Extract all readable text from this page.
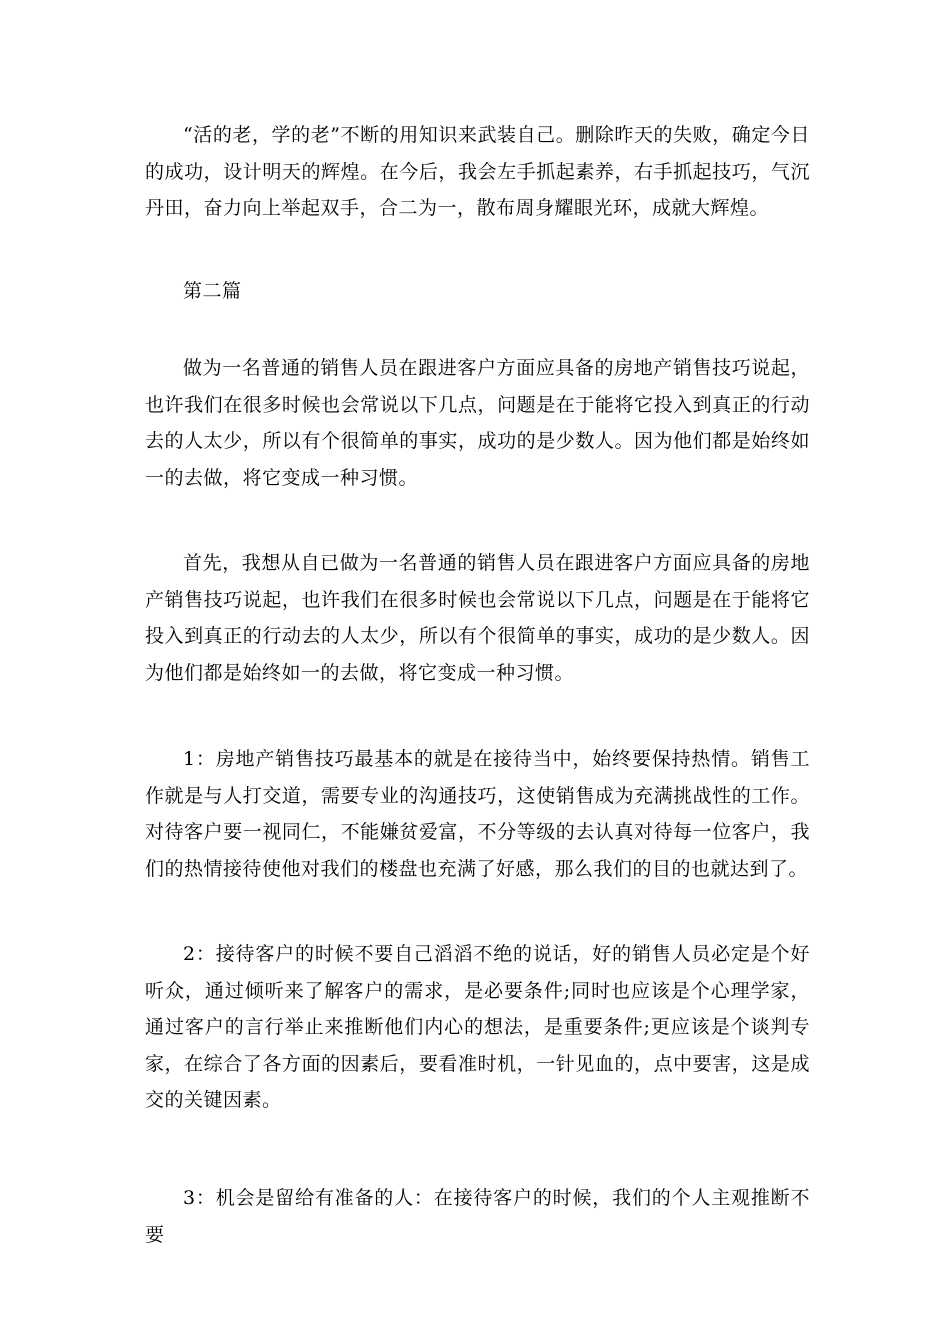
“活的老，学的老”不断的用知识来武装自己。删除昨天的失败，确定今日的成功，设计明天的辉煌。在今后，我会左手抓起素养，右手抓起技巧，气沉丹田，奋力向上举起双手，合二为一，散布周身耀眼光环，成就大辉煌。

第二篇

做为一名普通的销售人员在跟进客户方面应具备的房地产销售技巧说起，也许我们在很多时候也会常说以下几点，问题是在于能将它投入到真正的行动去的人太少，所以有个很简单的事实，成功的是少数人。因为他们都是始终如一的去做，将它变成一种习惯。

首先，我想从自已做为一名普通的销售人员在跟进客户方面应具备的房地产销售技巧说起，也许我们在很多时候也会常说以下几点，问题是在于能将它投入到真正的行动去的人太少，所以有个很简单的事实，成功的是少数人。因为他们都是始终如一的去做，将它变成一种习惯。

1：房地产销售技巧最基本的就是在接待当中，始终要保持热情。销售工作就是与人打交道，需要专业的沟通技巧，这使销售成为充满挑战性的工作。对待客户要一视同仁，不能嫌贫爱富，不分等级的去认真对待每一位客户，我们的热情接待使他对我们的楼盘也充满了好感，那么我们的目的也就达到了。

2：接待客户的时候不要自己滔滔不绝的说话，好的销售人员必定是个好听众，通过倾听来了解客户的需求，是必要条件;同时也应该是个心理学家，通过客户的言行举止来推断他们内心的想法，是重要条件;更应该是个谈判专家，在综合了各方面的因素后，要看准时机，一针见血的，点中要害，这是成交的关键因素。

3：机会是留给有准备的人：在接待客户的时候，我们的个人主观推断不要
